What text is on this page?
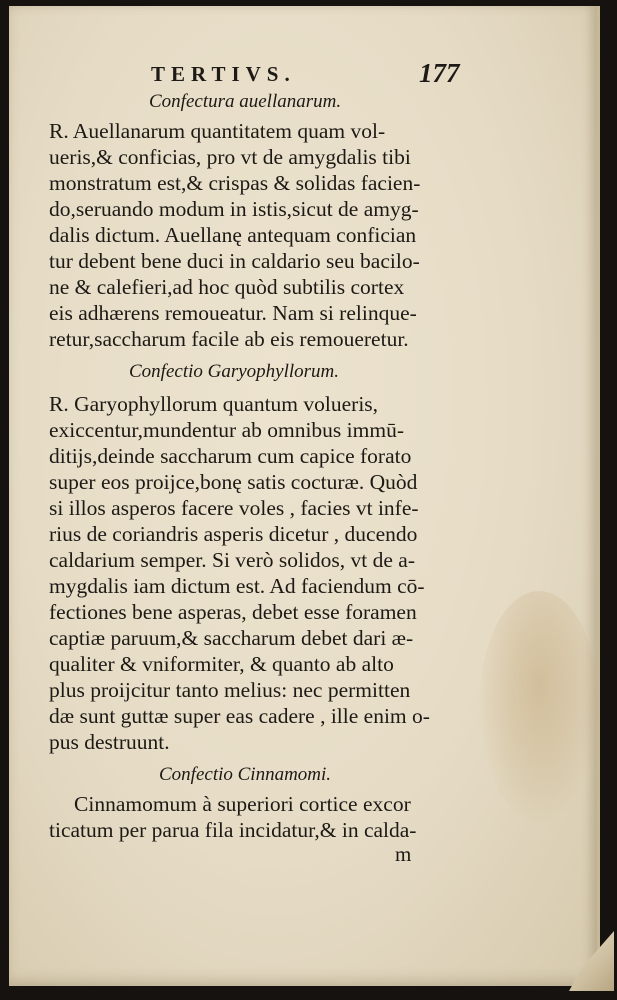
TERTIVS.	177
Confectura auellanarum.
R. Auellanarum quantitatem quam vol-
ueris,& conficias, pro vt de amygdalis tibi
monstratum est,& crispas & solidas facien-
do,seruando modum in istis,sicut de amyg-
dalis dictum. Auellanę antequam confician
tur debent bene duci in caldario seu bacilo-
ne & calefieri,ad hoc quòd subtilis cortex
eis adhærens remoueatur. Nam si relinque-
retur,saccharum facile ab eis remoueretur.
Confectio Garyophyllorum.
R. Garyophyllorum quantum volueris,
exiccentur,mundentur ab omnibus immū-
ditijs,deinde saccharum cum capice forato
super eos proijce,bonę satis cocturæ. Quòd
si illos asperos facere voles , facies vt infe-
rius de coriandris asperis dicetur , ducendo
caldarium semper. Si verò solidos, vt de a-
mygdalis iam dictum est. Ad faciendum cō-
fectiones bene asperas, debet esse foramen
captiæ paruum,& saccharum debet dari æ-
qualiter & vniformiter, & quanto ab alto
plus proijcitur tanto melius: nec permitten
dæ sunt guttæ super eas cadere , ille enim o-
pus destruunt.
Confectio Cinnamomi.
Cinnamomum à superiori cortice excor
ticatum per parua fila incidatur,& in calda-
m
